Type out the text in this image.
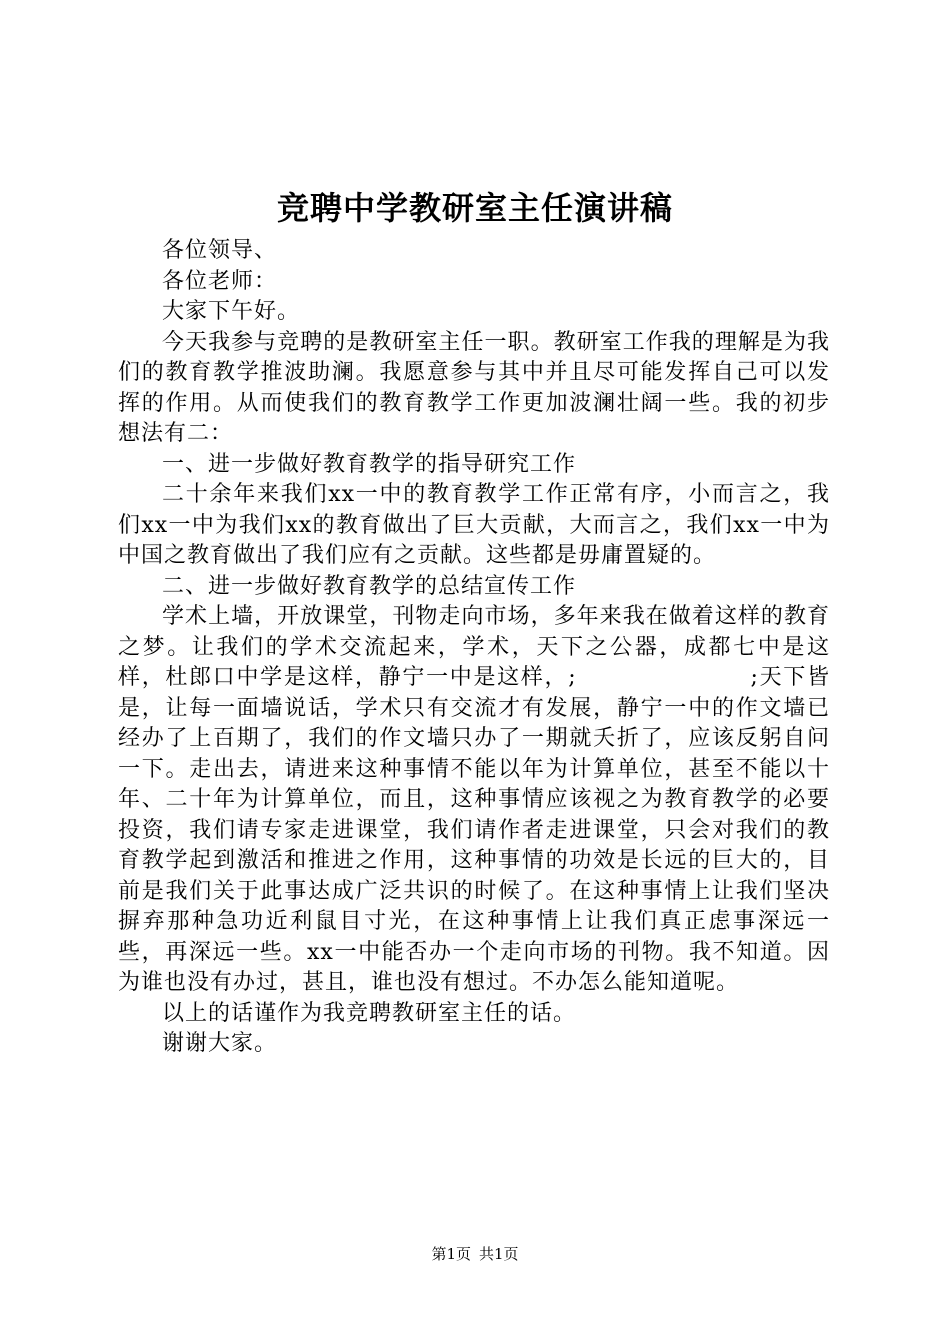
竞聘中学教研室主任演讲稿

各位领导、

各位老师：

大家下午好。

今天我参与竞聘的是教研室主任一职。教研室工作我的理解是为我们的教育教学推波助澜。我愿意参与其中并且尽可能发挥自己可以发挥的作用。从而使我们的教育教学工作更加波澜壮阔一些。我的初步想法有二：

一、进一步做好教育教学的指导研究工作

二十余年来我们xx一中的教育教学工作正常有序，小而言之，我们xx一中为我们xx的教育做出了巨大贡献，大而言之，我们xx一中为中国之教育做出了我们应有之贡献。这些都是毋庸置疑的。

二、进一步做好教育教学的总结宣传工作

学术上墙，开放课堂，刊物走向市场，多年来我在做着这样的教育之梦。让我们的学术交流起来，学术，天下之公器，成都七中是这样，杜郎口中学是这样，静宁一中是这样，;                    ;天下皆是，让每一面墙说话，学术只有交流才有发展，静宁一中的作文墙已经办了上百期了，我们的作文墙只办了一期就夭折了，应该反躬自问一下。走出去，请进来这种事情不能以年为计算单位，甚至不能以十年、二十年为计算单位，而且，这种事情应该视之为教育教学的必要投资，我们请专家走进课堂，我们请作者走进课堂，只会对我们的教育教学起到激活和推进之作用，这种事情的功效是长远的巨大的，目前是我们关于此事达成广泛共识的时候了。在这种事情上让我们坚决摒弃那种急功近利鼠目寸光，在这种事情上让我们真正虑事深远一些，再深远一些。xx一中能否办一个走向市场的刊物。我不知道。因为谁也没有办过，甚且，谁也没有想过。不办怎么能知道呢。

以上的话谨作为我竞聘教研室主任的话。

谢谢大家。

第1页 共1页
